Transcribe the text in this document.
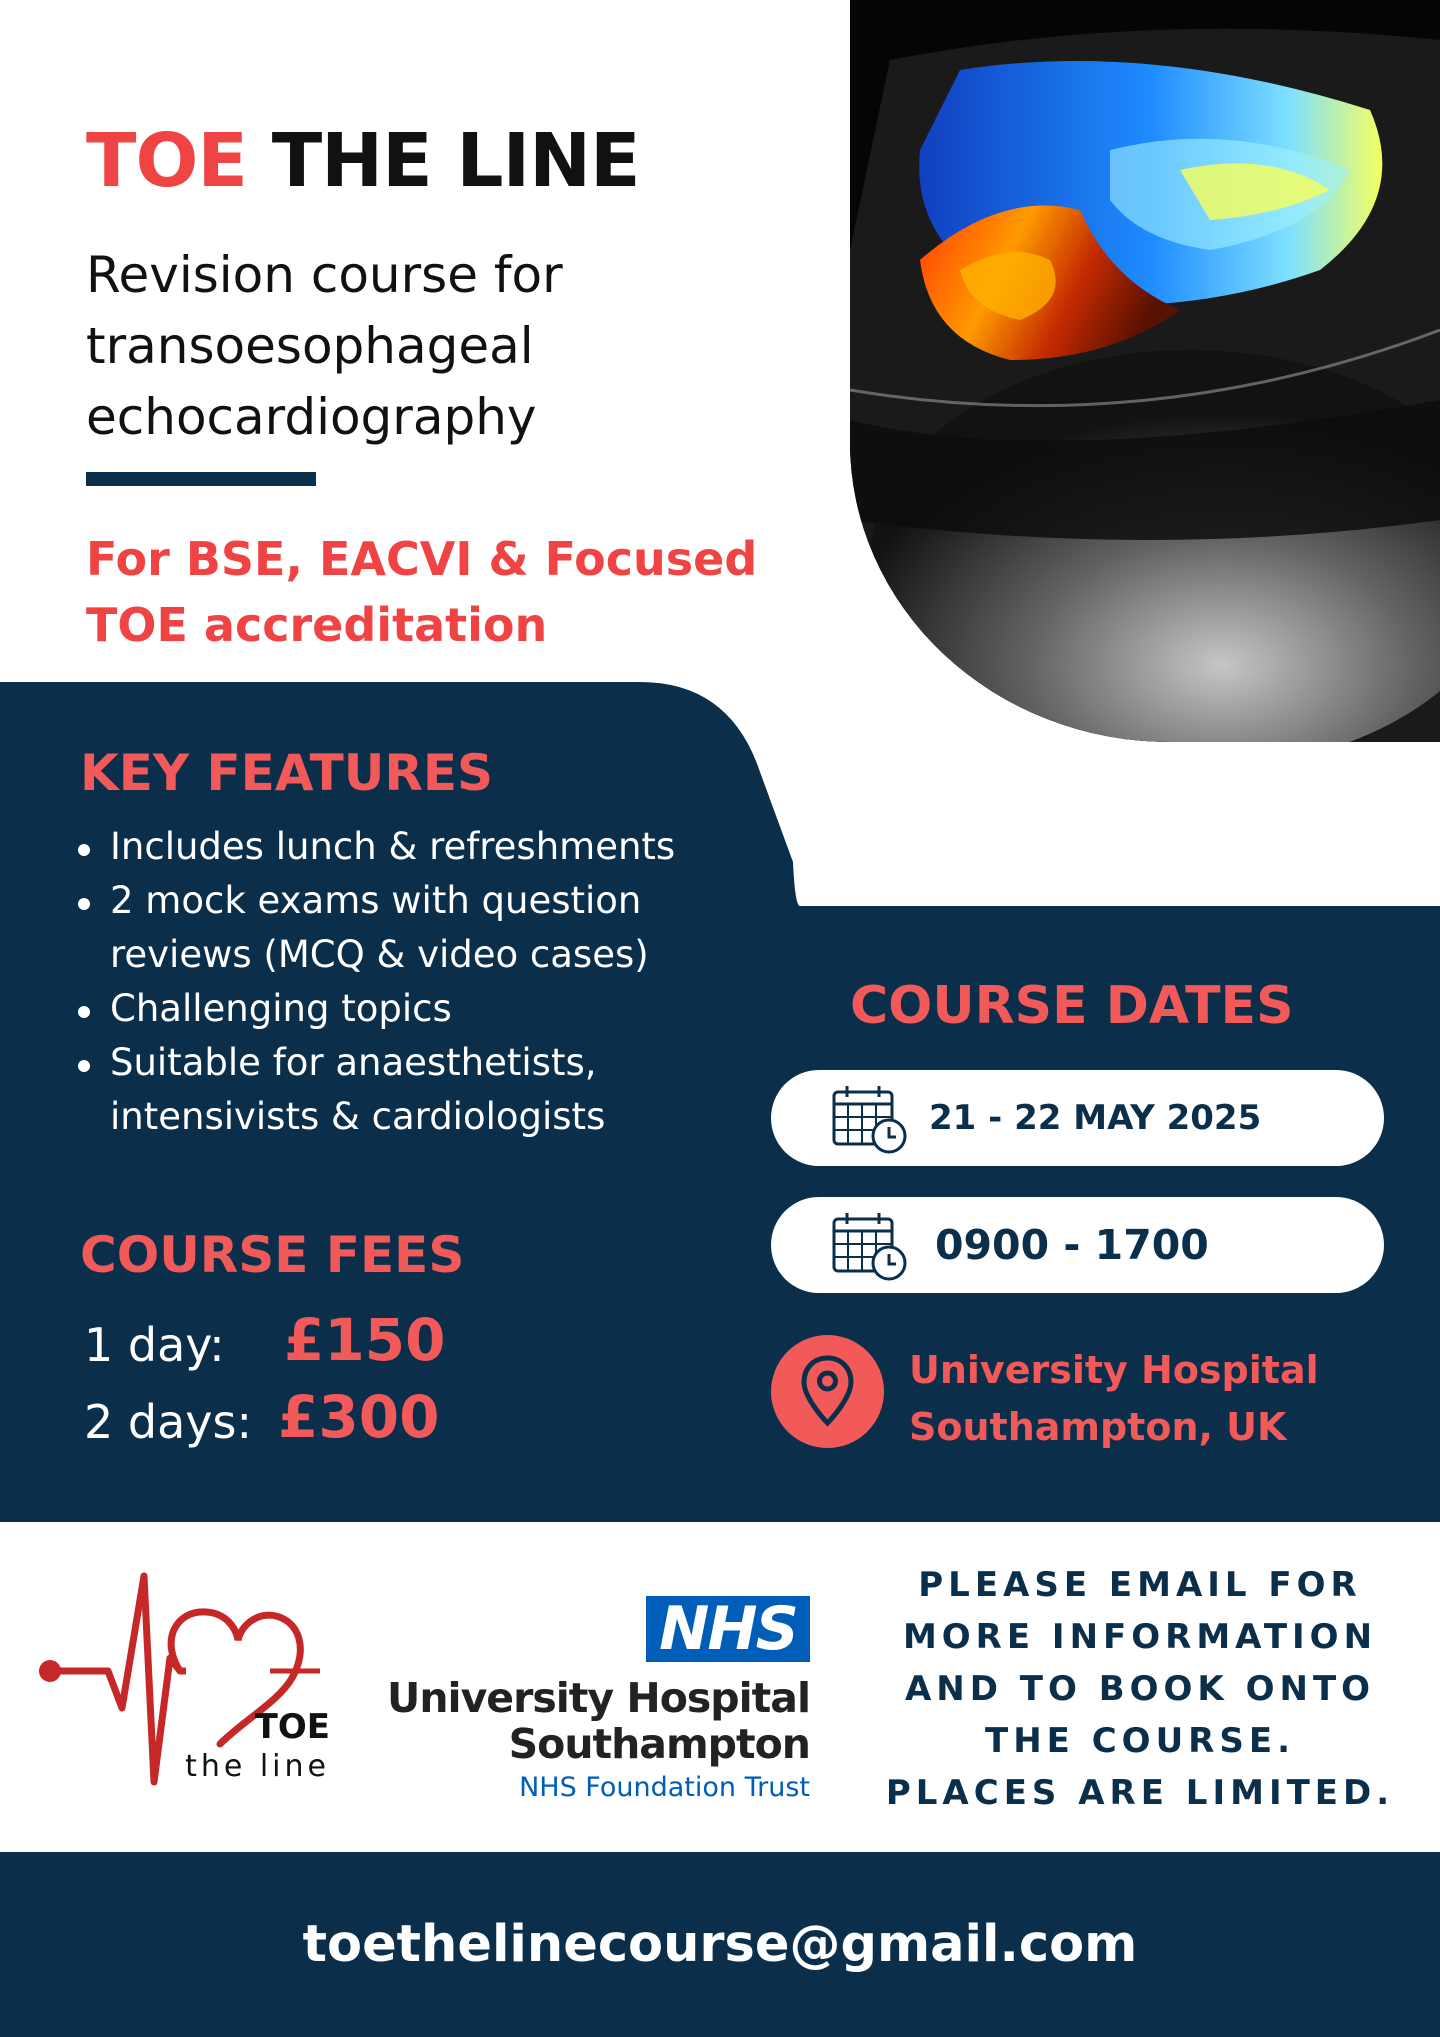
TOE THE LINE
Revision course for
transoesophageal
echocardiography
For BSE, EACVI & Focused
TOE accreditation
KEY FEATURES
Includes lunch & refreshments
2 mock exams with question
reviews (MCQ & video cases)
Challenging topics
Suitable for anaesthetists,
intensivists & cardiologists
COURSE FEES
1 day: £150
2 days: £300
COURSE DATES
21 - 22 MAY 2025
0900 - 1700
University Hospital
Southampton, UK
TOE
the line
NHS
University Hospital
Southampton
NHS Foundation Trust
PLEASE EMAIL FOR
MORE INFORMATION
AND TO BOOK ONTO
THE COURSE.
PLACES ARE LIMITED.
toethelinecourse@gmail.com
